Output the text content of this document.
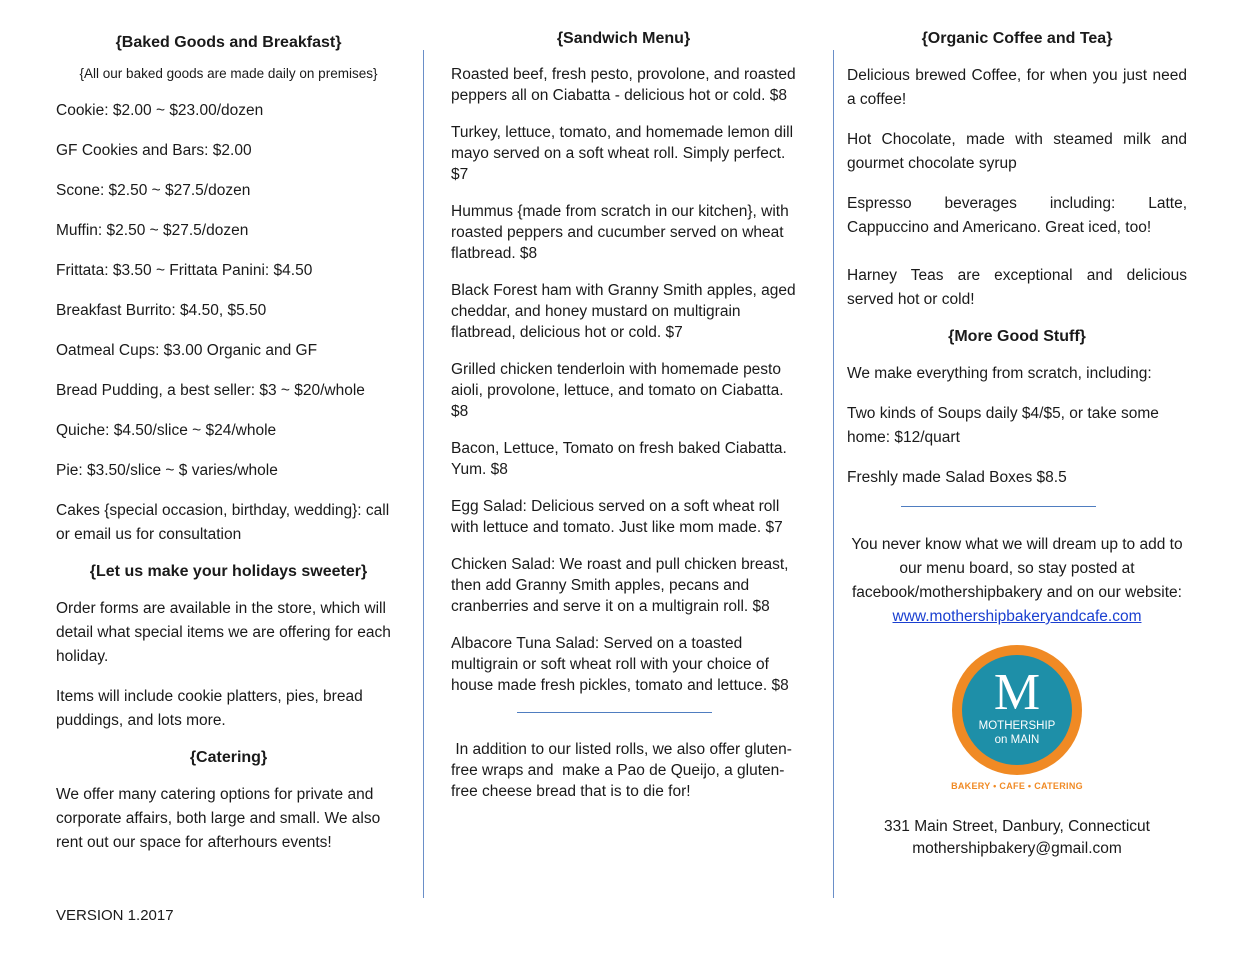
{Baked Goods and Breakfast}
{All our baked goods are made daily on premises}

Cookie: $2.00 ~ $23.00/dozen

GF Cookies and Bars: $2.00

Scone: $2.50 ~ $27.5/dozen

Muffin: $2.50 ~ $27.5/dozen

Frittata: $3.50 ~ Frittata Panini: $4.50

Breakfast Burrito: $4.50, $5.50

Oatmeal Cups: $3.00 Organic and GF

Bread Pudding, a best seller: $3 ~ $20/whole

Quiche: $4.50/slice ~ $24/whole

Pie: $3.50/slice ~ $ varies/whole

Cakes {special occasion, birthday, wedding}: call or email us for consultation

{Let us make your holidays sweeter}

Order forms are available in the store, which will detail what special items we are offering for each holiday.

Items will include cookie platters, pies, bread puddings, and lots more.

{Catering}

We offer many catering options for private and corporate affairs, both large and small. We also rent out our space for afterhours events!

VERSION 1.2017
{Sandwich Menu}

Roasted beef, fresh pesto, provolone, and roasted peppers all on Ciabatta - delicious hot or cold. $8

Turkey, lettuce, tomato, and homemade lemon dill mayo served on a soft wheat roll. Simply perfect. $7

Hummus {made from scratch in our kitchen}, with roasted peppers and cucumber served on wheat flatbread. $8

Black Forest ham with Granny Smith apples, aged cheddar, and honey mustard on multigrain flatbread, delicious hot or cold. $7

Grilled chicken tenderloin with homemade pesto aioli, provolone, lettuce, and tomato on Ciabatta. $8

Bacon, Lettuce, Tomato on fresh baked Ciabatta. Yum. $8

Egg Salad: Delicious served on a soft wheat roll with lettuce and tomato. Just like mom made. $7

Chicken Salad: We roast and pull chicken breast, then add Granny Smith apples, pecans and cranberries and serve it on a multigrain roll. $8

Albacore Tuna Salad: Served on a toasted multigrain or soft wheat roll with your choice of house made fresh pickles, tomato and lettuce. $8

In addition to our listed rolls, we also offer gluten-free wraps and  make a Pao de Queijo, a gluten-free cheese bread that is to die for!

{Organic Coffee and Tea}

Delicious brewed Coffee, for when you just need a coffee!

Hot Chocolate, made with steamed milk and gourmet chocolate syrup

Espresso beverages including: Latte, Cappuccino and Americano. Great iced, too!

Harney Teas are exceptional and delicious served hot or cold!

{More Good Stuff}

We make everything from scratch, including:

Two kinds of Soups daily $4/$5, or take some home: $12/quart

Freshly made Salad Boxes $8.5

You never know what we will dream up to add to our menu board, so stay posted at facebook/mothershipbakery and on our website: www.mothershipbakeryandcafe.com

M
MOTHERSHIP
on MAIN
BAKERY • CAFE • CATERING
331 Main Street, Danbury, Connecticut
mothershipbakery@gmail.com
